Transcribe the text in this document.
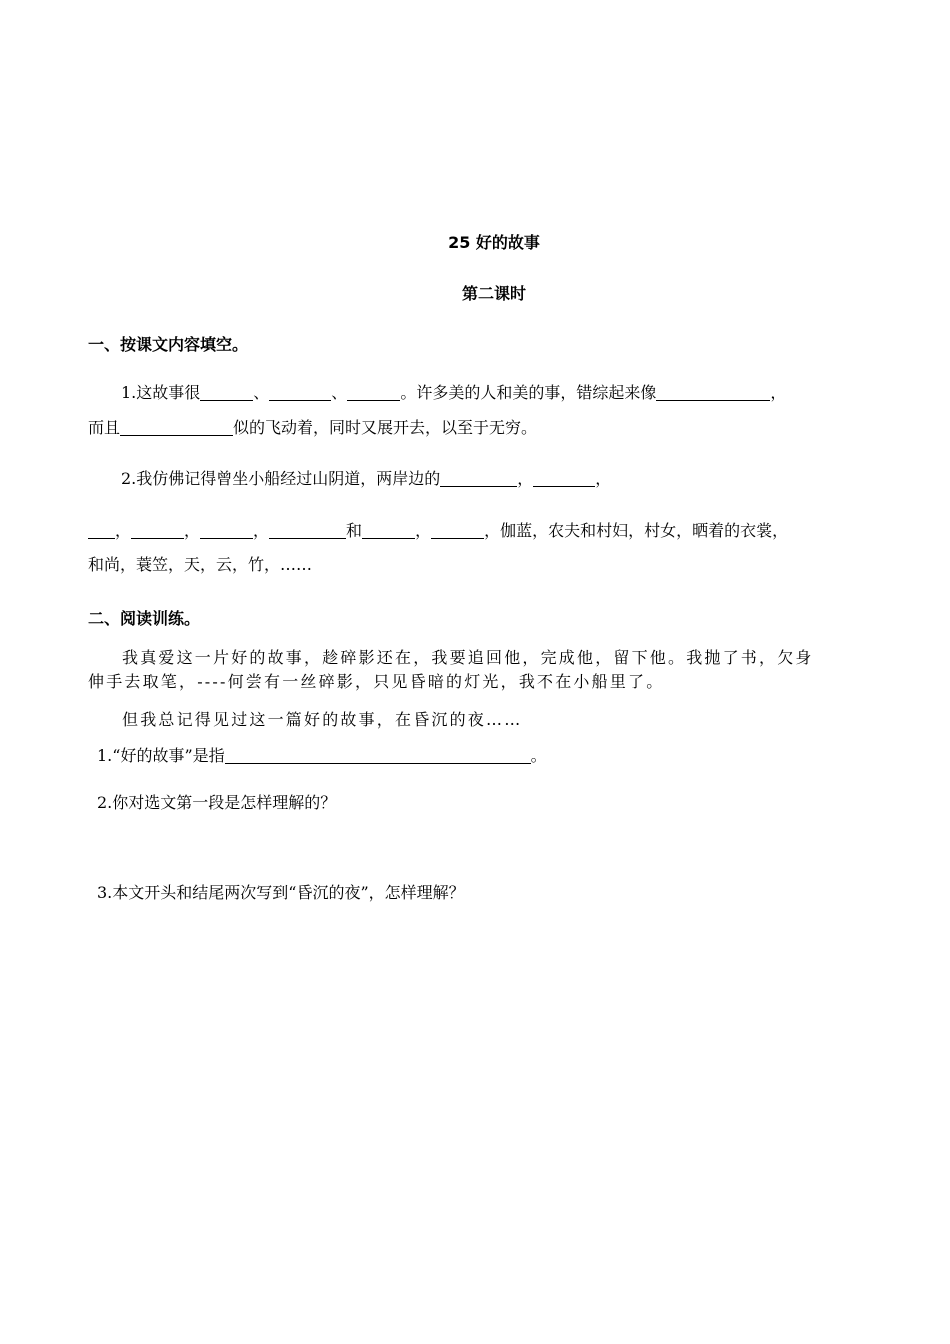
25 好的故事
第二课时
一、按课文内容填空。
1.这故事很	、	、	。许多美的人和美的事，错综起来像	，
而且	似的飞动着，同时又展开去，以至于无穷。
2.我仿佛记得曾坐小船经过山阴道，两岸边的	，	，
，	，	，	和	，	，伽蓝，农夫和村妇，村女，晒着的衣裳，
和尚，蓑笠，天，云，竹，……
二、阅读训练。
我真爱这一片好的故事，趁碎影还在，我要追回他，完成他，留下他。我抛了书，欠身
伸手去取笔，----何尝有一丝碎影，只见昏暗的灯光，我不在小船里了。
但我总记得见过这一篇好的故事，在昏沉的夜……
1.“好的故事”是指	。
2.你对选文第一段是怎样理解的？
3.本文开头和结尾两次写到“昏沉的夜”，怎样理解？
